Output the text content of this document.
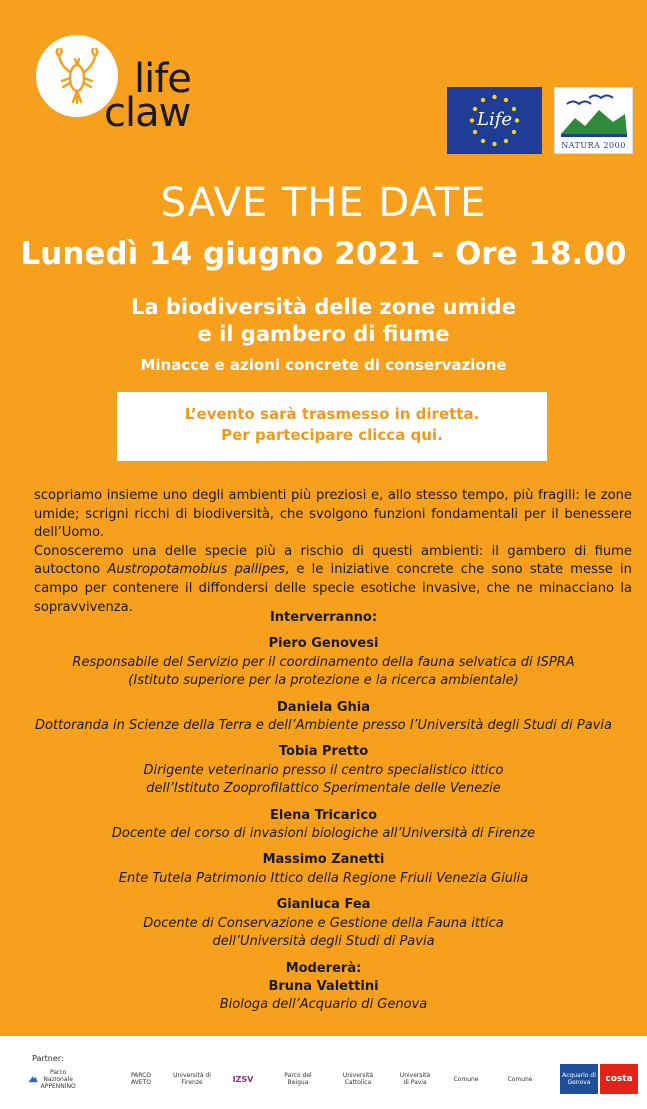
life
claw	Life
NATURA 2000
SAVE THE DATE
Lunedì 14 giugno 2021 - Ore 18.00
La biodiversità delle zone umide
e il gambero di fiume
Minacce e azioni concrete di conservazione
L’evento sarà trasmesso in diretta.
Per partecipare clicca qui.

scopriamo insieme uno degli ambienti più preziosi e, allo stesso tempo, più fragili: le zone umide; scrigni ricchi di biodiversità, che svolgono funzioni fondamentali per il benessere dell’Uomo.

Conosceremo una delle specie più a rischio di questi ambienti: il gambero di fiume autoctono Austropotamobius pallipes, e le iniziative concrete che sono state messe in campo per contenere il diffondersi delle specie esotiche invasive, che ne minacciano la sopravvivenza.

Interverranno:
Piero Genovesi
Responsabile del Servizio per il coordinamento della fauna selvatica di ISPRA
(Istituto superiore per la protezione e la ricerca ambientale)
Daniela Ghia
Dottoranda in Scienze della Terra e dell’Ambiente presso l’Università degli Studi di Pavia
Tobia Pretto
Dirigente veterinario presso il centro specialistico ittico
dell’Istituto Zooprofilattico Sperimentale delle Venezie
Elena Tricarico
Docente del corso di invasioni biologiche all’Università di Firenze
Massimo Zanetti
Ente Tutela Patrimonio Ittico della Regione Friuli Venezia Giulia
Gianluca Fea
Docente di Conservazione e Gestione della Fauna ittica
dell’Università degli Studi di Pavia
Modererà:
Bruna Valettini
Biologa dell’Acquario di Genova
Partner:
Parco Nazionale APPENNINO
PARCO AVETO
Università di Firenze	IZSV	Parco del Beigua
Università Cattolica
Università di Pavia	Comune	Comune	Acquario di Genova	costa
